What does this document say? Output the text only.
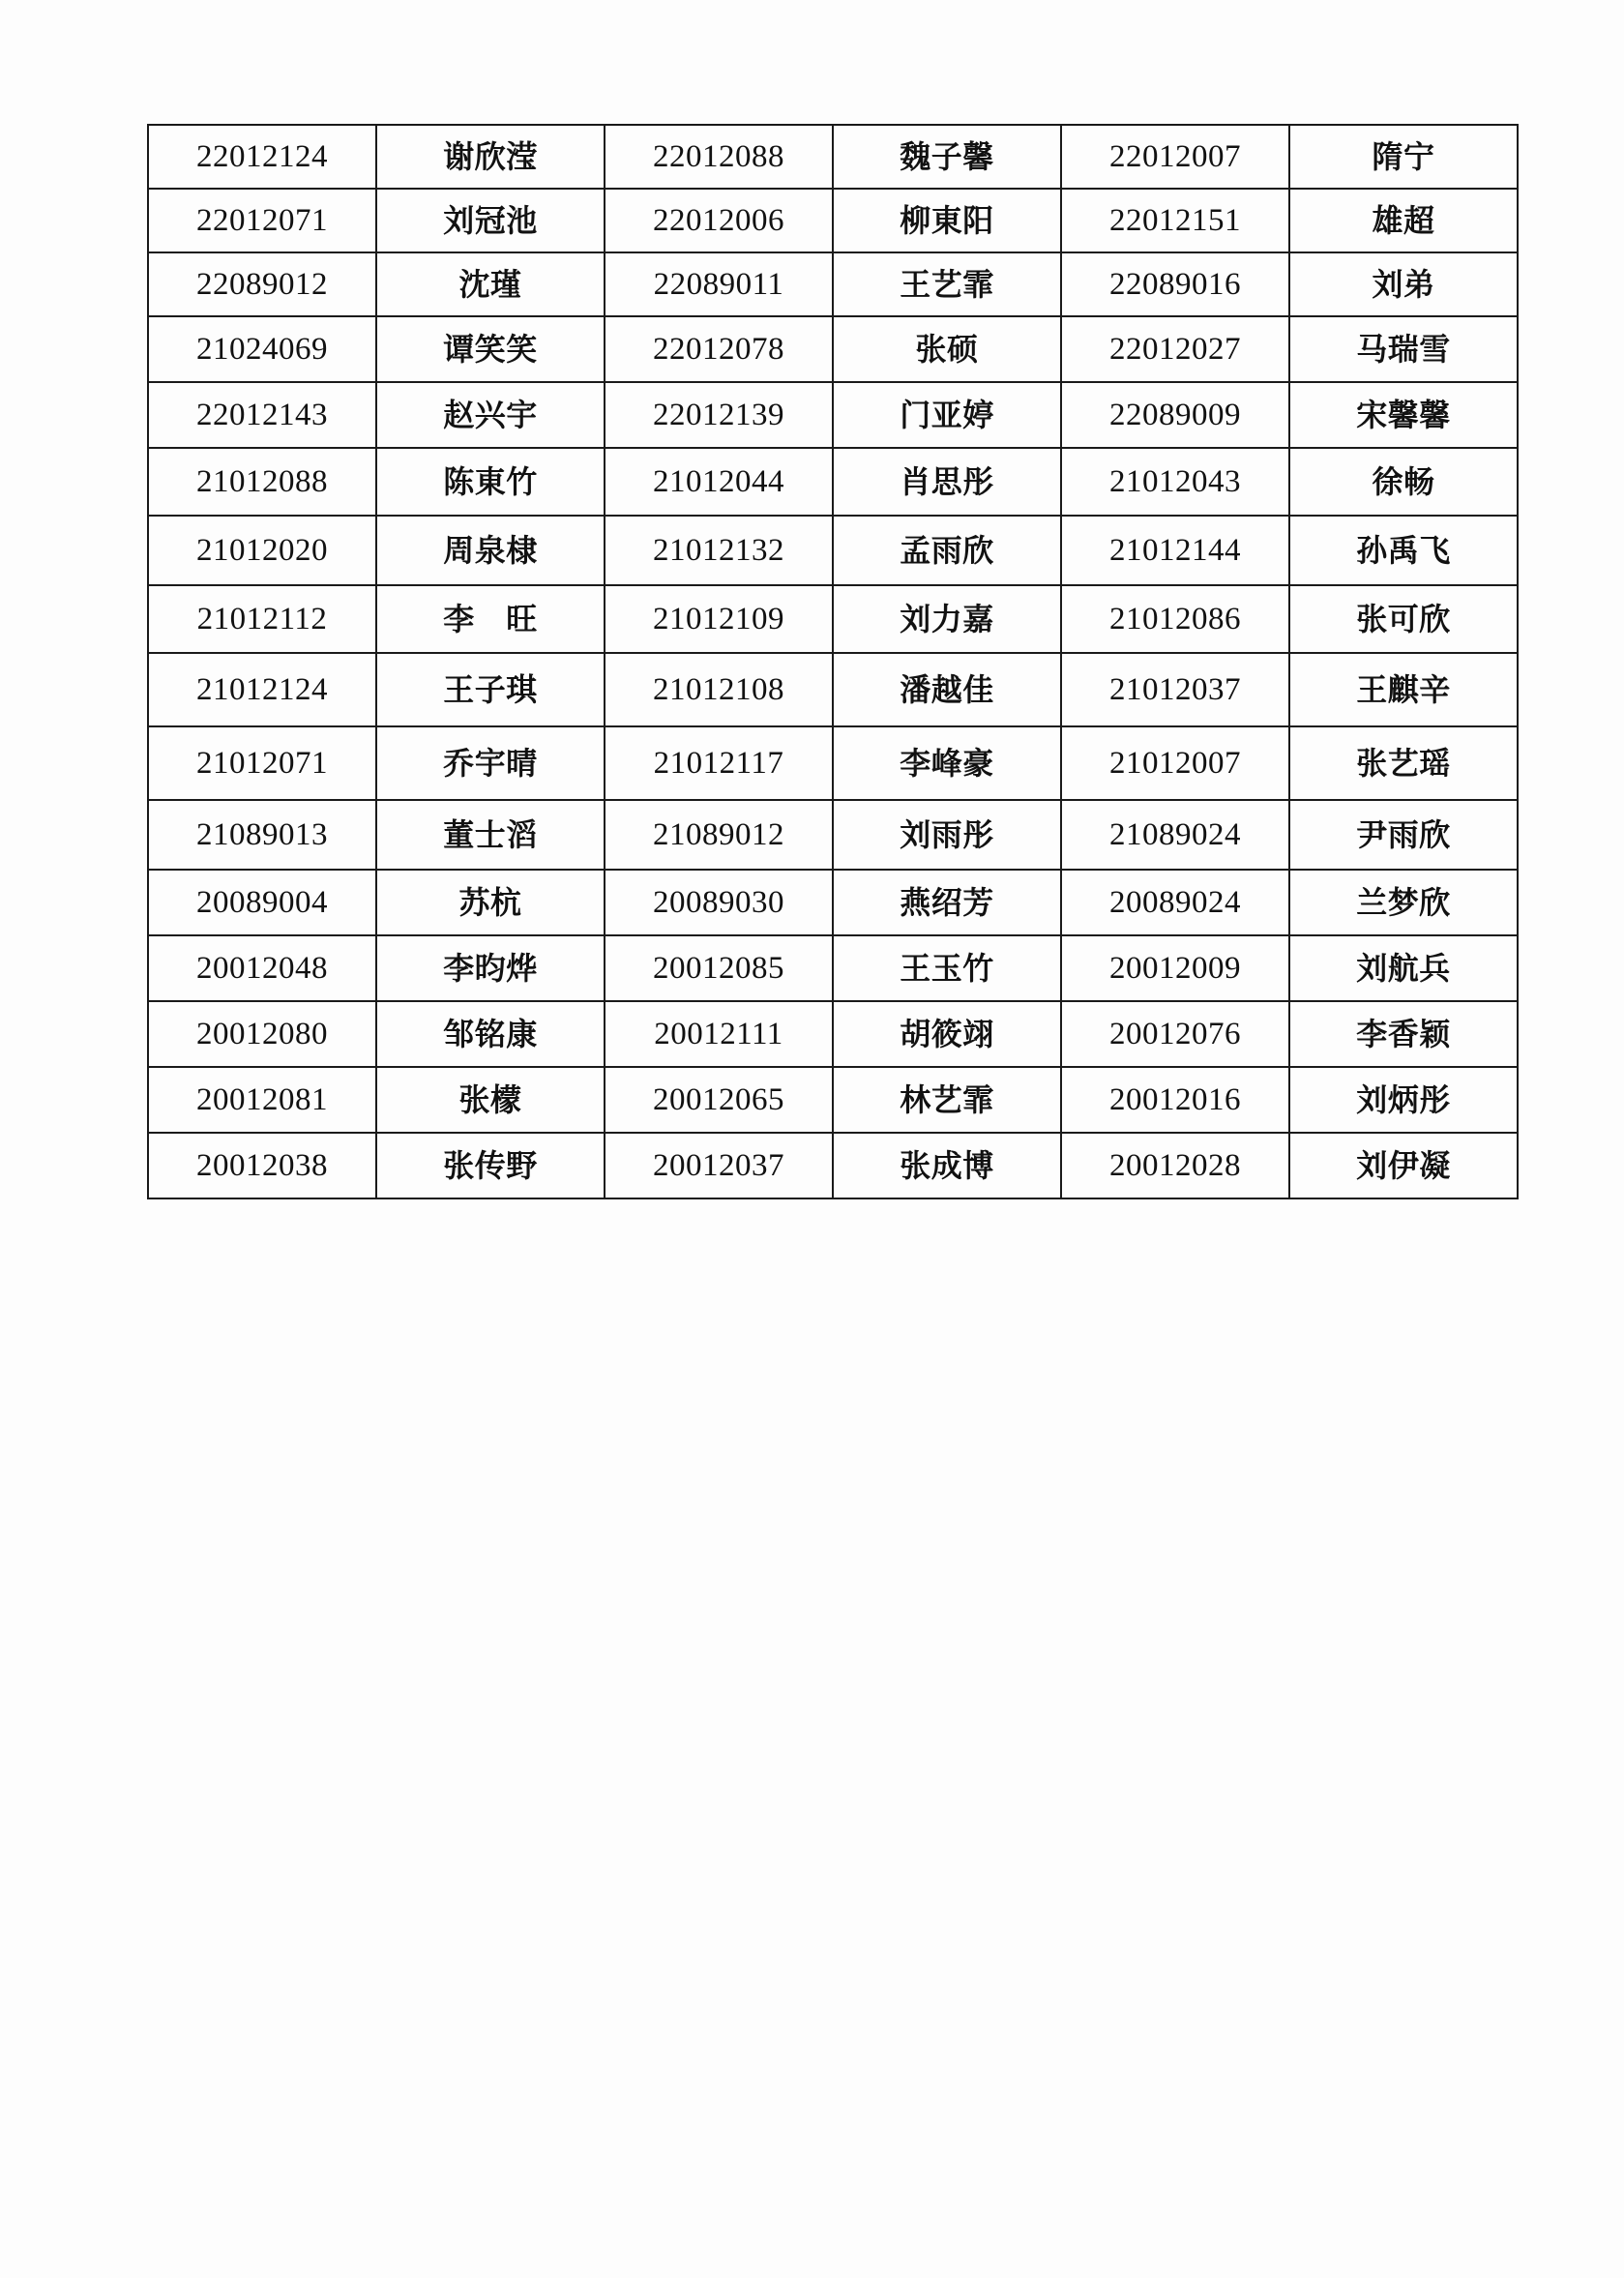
22012124	谢欣滢	22012088	魏子馨	22012007	隋宁
22012071	刘冠池	22012006	柳東阳	22012151	雄超
22089012	沈瑾	22089011	王艺霏	22089016	刘弟
21024069	谭笑笑	22012078	张硕	22012027	马瑞雪
22012143	赵兴宇	22012139	门亚婷	22089009	宋馨馨
21012088	陈東竹	21012044	肖思彤	21012043	徐畅
21012020	周泉棣	21012132	孟雨欣	21012144	孙禹飞
21012112	李　旺	21012109	刘力嘉	21012086	张可欣
21012124	王子琪	21012108	潘越佳	21012037	王麒辛
21012071	乔宇晴	21012117	李峰豪	21012007	张艺瑶
21089013	董士滔	21089012	刘雨彤	21089024	尹雨欣
20089004	苏杭	20089030	燕绍芳	20089024	兰梦欣
20012048	李昀烨	20012085	王玉竹	20012009	刘航兵
20012080	邹铭康	20012111	胡筱翊	20012076	李香颖
20012081	张檬	20012065	林艺霏	20012016	刘炳彤
20012038	张传野	20012037	张成博	20012028	刘伊凝
